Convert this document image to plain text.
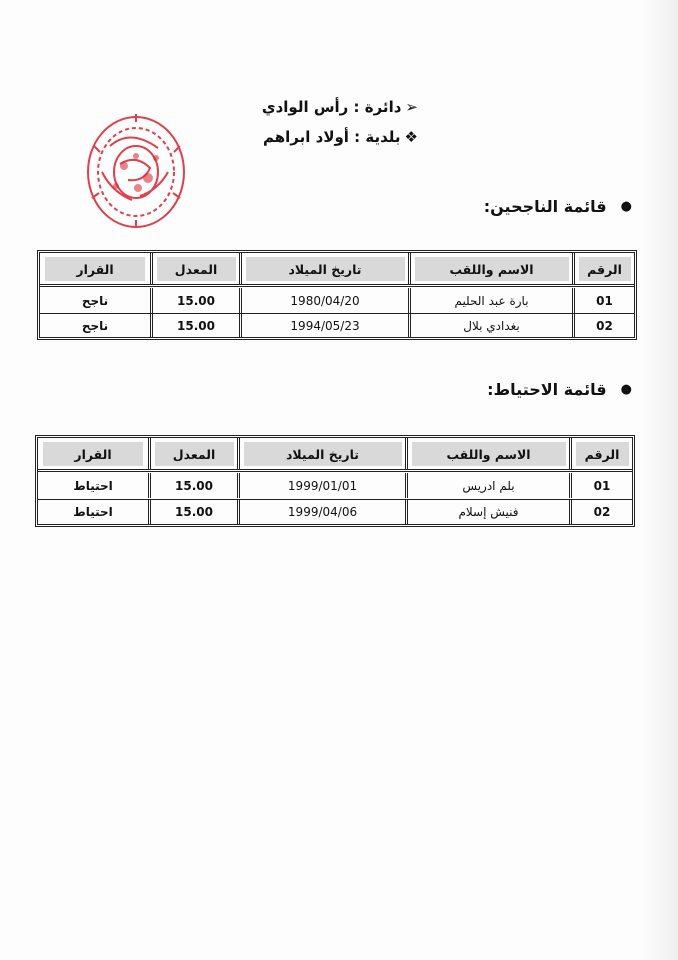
➢دائرة : رأس الوادي
❖بلدية : أولاد ابراهم
●قائمة الناجحين:
الرقم
الاسم واللقب
تاريخ الميلاد
المعدل
القرار
01
بارة عبد الحليم
1980/04/20
15.00
ناجح
02
بغدادي بلال
1994/05/23
15.00
ناجح
●قائمة الاحتياط:
الرقم
الاسم واللقب
تاريخ الميلاد
المعدل
القرار
01
بلم ادريس
1999/01/01
15.00
احتياط
02
فنيش إسلام
1999/04/06
15.00
احتياط
